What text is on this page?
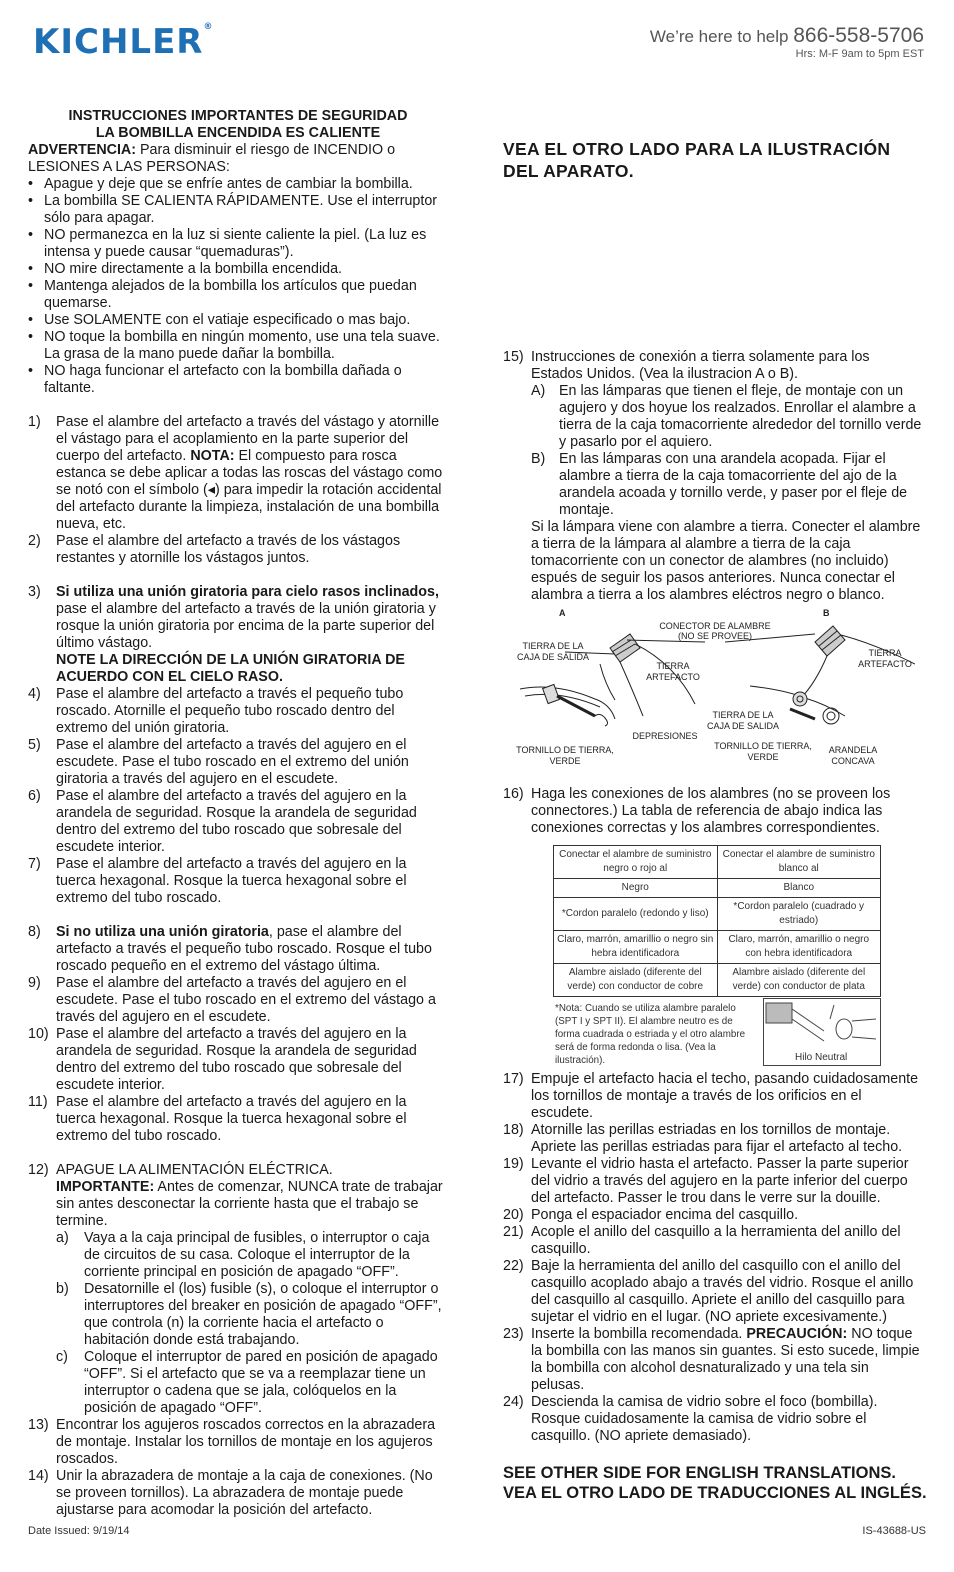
KICHLER®	We’re here to help 866-558-5706
Hrs: M-F 9am to 5pm EST
INSTRUCCIONES IMPORTANTES DE SEGURIDAD
LA BOMBILLA ENCENDIDA ES CALIENTE
ADVERTENCIA: Para disminuir el riesgo de INCENDIO o LESIONES A LAS PERSONAS:
• Apague y deje que se enfríe antes de cambiar la bombilla.
• La bombilla SE CALIENTA RÁPIDAMENTE. Use el interruptor sólo para apagar.
• NO permanezca en la luz si siente caliente la piel. (La luz es intensa y puede causar “quemaduras”).
• NO mire directamente a la bombilla encendida.
• Mantenga alejados de la bombilla los artículos que puedan quemarse.
• Use SOLAMENTE con el vatiaje especificado o mas bajo.
• NO toque la bombilla en ningún momento, use una tela suave. La grasa de la mano puede dañar la bombilla.
• NO haga funcionar el artefacto con la bombilla dañada o faltante.
1)	Pase el alambre del artefacto a través del vástago y atornille el vástago para el acoplamiento en la parte superior del cuerpo del artefacto. NOTA: El compuesto para rosca estanca se debe aplicar a todas las roscas del vástago como se notó con el símbolo (◂) para impedir la rotación accidental del artefacto durante la limpieza, instalación de una bombilla nueva, etc.
2)	Pase el alambre del artefacto a través de los vástagos restantes y atornille los vástagos juntos.
3)	Si utiliza una unión giratoria para cielo rasos inclinados, pase el alambre del artefacto a través de la unión giratoria y rosque la unión giratoria por encima de la parte superior del último vástago.
NOTE LA DIRECCIÓN DE LA UNIÓN GIRATORIA DE ACUERDO CON EL CIELO RASO.
4)	Pase el alambre del artefacto a través el pequeño tubo roscado. Atornille el pequeño tubo roscado dentro del extremo del unión giratoria.
5)	Pase el alambre del artefacto a través del agujero en el escudete. Pase el tubo roscado en el extremo del unión giratoria a través del agujero en el escudete.
6)	Pase el alambre del artefacto a través del agujero en la arandela de seguridad. Rosque la arandela de seguridad dentro del extremo del tubo roscado que sobresale del escudete interior.
7)	Pase el alambre del artefacto a través del agujero en la tuerca hexagonal. Rosque la tuerca hexagonal sobre el extremo del tubo roscado.
8)	Si no utiliza una unión giratoria, pase el alambre del artefacto a través el pequeño tubo roscado. Rosque el tubo roscado pequeño en el extremo del vástago última.
9)	Pase el alambre del artefacto a través del agujero en el escudete. Pase el tubo roscado en el extremo del vástago a través del agujero en el escudete.
10) Pase el alambre del artefacto a través del agujero en la arandela de seguridad. Rosque la arandela de seguridad dentro del extremo del tubo roscado que sobresale del escudete interior.
11) Pase el alambre del artefacto a través del agujero en la tuerca hexagonal. Rosque la tuerca hexagonal sobre el extremo del tubo roscado.
12) APAGUE LA ALIMENTACIÓN ELÉCTRICA.
IMPORTANTE: Antes de comenzar, NUNCA trate de trabajar sin antes desconectar la corriente hasta que el trabajo se termine.
a)	Vaya a la caja principal de fusibles, o interruptor o caja de circuitos de su casa. Coloque el interruptor de la corriente principal en posición de apagado “OFF”.
b)	Desatornille el (los) fusible (s), o coloque el interruptor o interruptores del breaker en posición de apagado “OFF”, que controla (n) la corriente hacia el artefacto o habitación donde está trabajando.
c)	Coloque el interruptor de pared en posición de apagado “OFF”. Si el artefacto que se va a reemplazar tiene un interruptor o cadena que se jala, colóquelos en la posición de apagado “OFF”.
13) Encontrar los agujeros roscados correctos en la abrazadera de montaje. Instalar los tornillos de montaje en los agujeros roscados.
14) Unir la abrazadera de montaje a la caja de conexiones. (No se proveen tornillos). La abrazadera de montaje puede ajustarse para acomodar la posición del artefacto.
VEA EL OTRO LADO PARA LA ILUSTRACIÓN DEL APARATO.
15) Instrucciones de conexión a tierra solamente para los Estados Unidos. (Vea la ilustracion A o B).
A) En las lámparas que tienen el fleje, de montaje con un agujero y dos hoyue los realzados. Enrollar el alambre a tierra de la caja tomacorriente alrededor del tornillo verde y pasarlo por el aquiero.
B) En las lámparas con una arandela acopada. Fijar el alambre a tierra de la caja tomacorriente del ajo de la arandela acoada y tornillo verde, y paser por el fleje de montaje.
Si la lámpara viene con alambre a tierra. Conecter el alambre a tierra de la lámpara al alambre a tierra de la caja tomacorriente con un conector de alambres (no incluido) espués de seguir los pasos anteriores. Nunca conectar el alambra a tierra a los alambres eléctros negro o blanco.
A	B
CONECTOR DE ALAMBRE
(NO SE PROVEE)
TIERRA DE LA
CAJA DE SALIDA
TIERRA
ARTEFACTO
TIERRA
ARTEFACTO
TIERRA DE LA
CAJA DE SALIDA
DEPRESIONES
TORNILLO DE TIERRA,
VERDE
TORNILLO DE TIERRA,
VERDE
ARANDELA
CONCAVA
16) Haga les conexiones de los alambres (no se proveen los connectores.) La tabla de referencia de abajo indica las conexiones correctas y los alambres correspondientes.
Conectar el alambre de suministro negro o rojo al	Conectar el alambre de suministro blanco al
Negro	Blanco
*Cordon paralelo (redondo y liso)	*Cordon paralelo (cuadrado y estriado)
Claro, marrón, amarillio o negro sin hebra identificadora	Claro, marrón, amarillio o negro con hebra identificadora
Alambre aislado (diferente del verde) con conductor de cobre	Alambre aislado (diferente del verde) con conductor de plata
*Nota: Cuando se utiliza alambre paralelo (SPT I y SPT II). El alambre neutro es de forma cuadrada o estriada y el otro alambre será de forma redonda o lisa. (Vea la ilustración).	Hilo Neutral
17) Empuje el artefacto hacia el techo, pasando cuidadosamente los tornillos de montaje a través de los orificios en el escudete.
18) Atornille las perillas estriadas en los tornillos de montaje. Apriete las perillas estriadas para fijar el artefacto al techo.
19) Levante el vidrio hasta el artefacto. Passer la parte superior del vidrio a través del agujero en la parte inferior del cuerpo del artefacto. Passer le trou dans le verre sur la douille.
20) Ponga el espaciador encima del casquillo.
21) Acople el anillo del casquillo a la herramienta del anillo del casquillo.
22) Baje la herramienta del anillo del casquillo con el anillo del casquillo acoplado abajo a través del vidrio. Rosque el anillo del casquillo al casquillo. Apriete el anillo del casquillo para sujetar el vidrio en el lugar. (NO apriete excesivamente.)
23) Inserte la bombilla recomendada. PRECAUCIÓN: NO toque la bombilla con las manos sin guantes. Si esto sucede, limpie la bombilla con alcohol desnaturalizado y una tela sin pelusas.
24) Descienda la camisa de vidrio sobre el foco (bombilla). Rosque cuidadosamente la camisa de vidrio sobre el casquillo. (NO apriete demasiado).
SEE OTHER SIDE FOR ENGLISH TRANSLATIONS.
VEA EL OTRO LADO DE TRADUCCIONES AL INGLÉS.
Date Issued: 9/19/14	IS-43688-US
